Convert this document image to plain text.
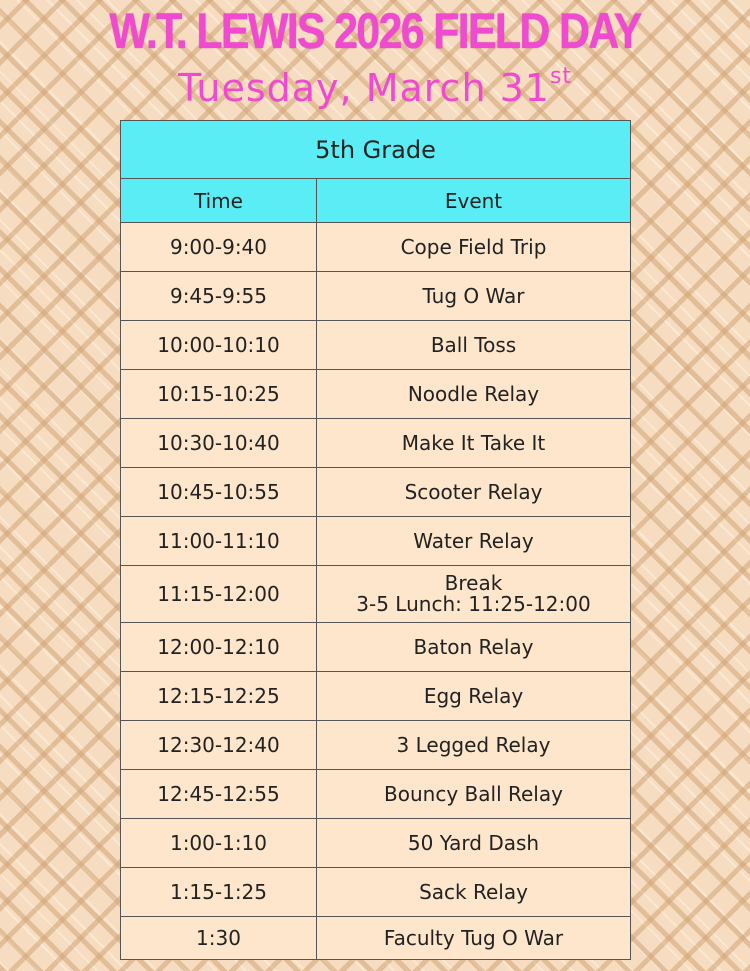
W.T. LEWIS 2026 FIELD DAY
Tuesday, March 31st
5th Grade	
Time	Event
9:00-9:40	Cope Field Trip
9:45-9:55	Tug O War
10:00-10:10	Ball Toss
10:15-10:25	Noodle Relay
10:30-10:40	Make It Take It
10:45-10:55	Scooter Relay
11:00-11:10	Water Relay
11:15-12:00	Break
3-5 Lunch: 11:25-12:00

12:00-12:10	Baton Relay
12:15-12:25	Egg Relay
12:30-12:40	3 Legged Relay
12:45-12:55	Bouncy Ball Relay
1:00-1:10	50 Yard Dash
1:15-1:25	Sack Relay
1:30	Faculty Tug O War
